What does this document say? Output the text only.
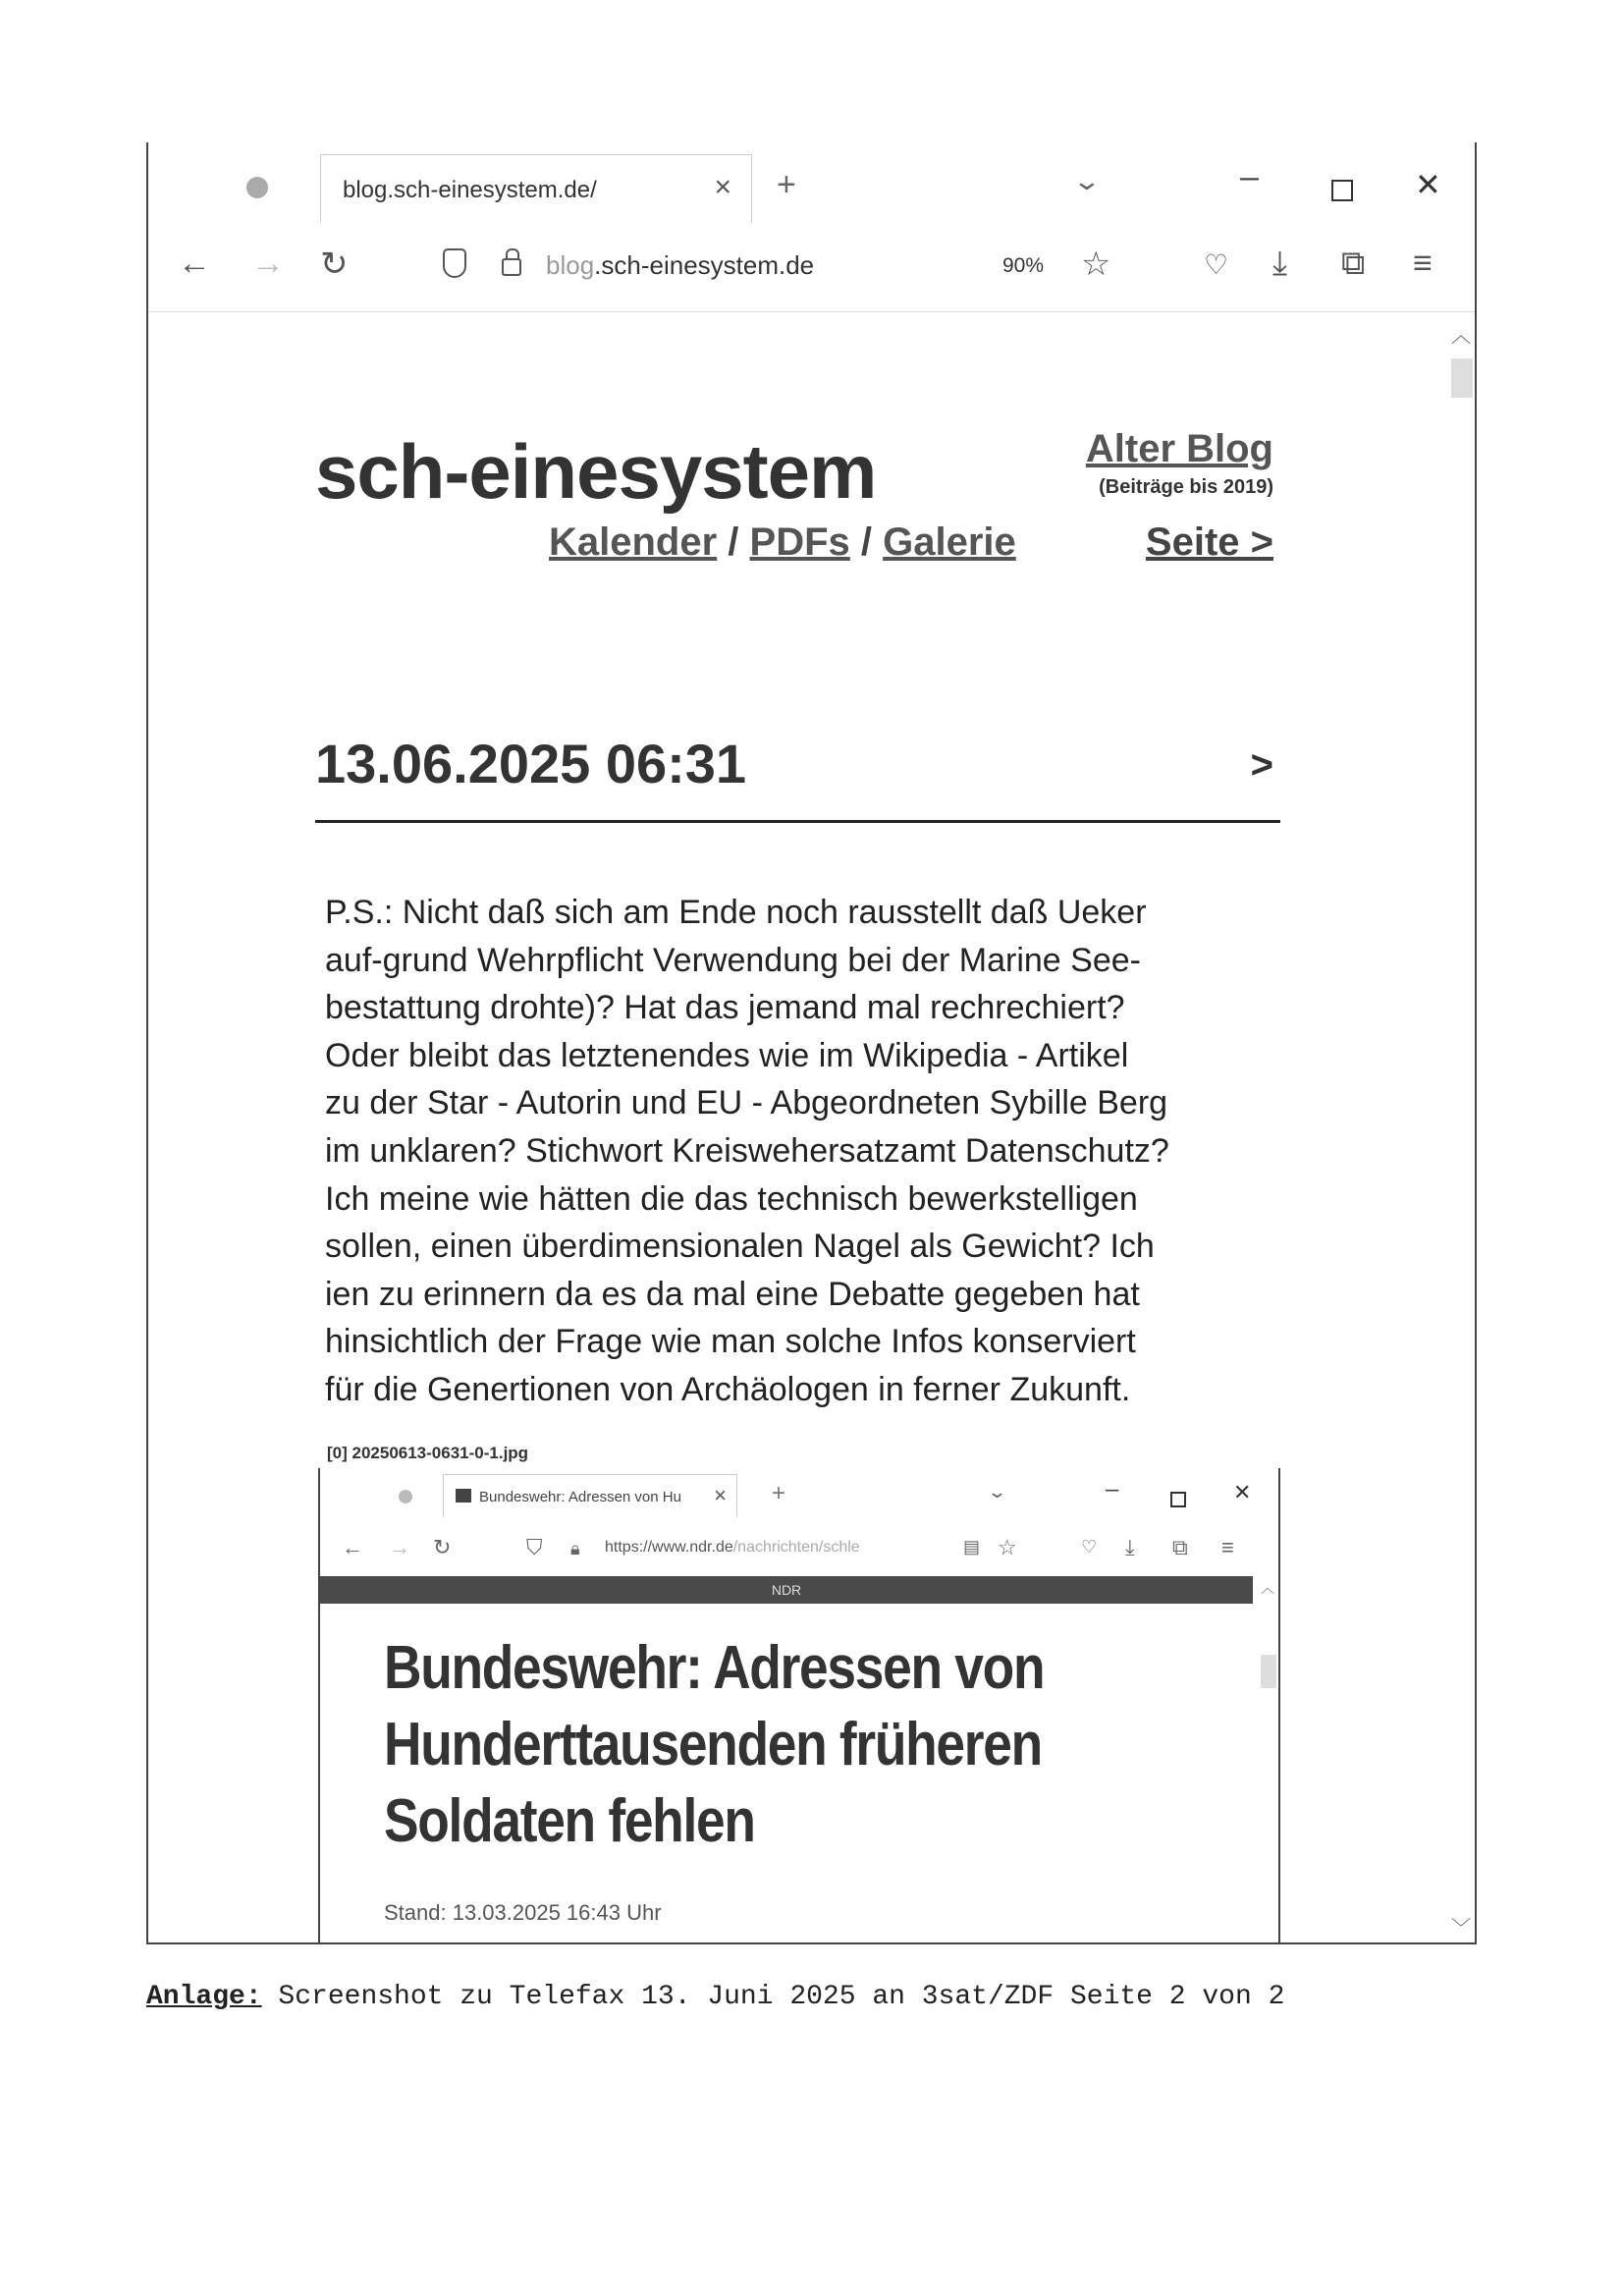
blog.sch-einesystem.de/	× +	⌄	–	✕
← → ↻	blog.sch-einesystem.de	90% ☆	♡ ⤓ ⧉ ≡
︿
﹀
sch-einesystem	Alter Blog
(Beiträge bis 2019)
Kalender / PDFs / Galerie	Seite >
13.06.2025 06:31	>
P.S.: Nicht daß sich am Ende noch rausstellt daß Ueker
auf-grund Wehrpflicht Verwendung bei der Marine See-
bestattung drohte)? Hat das jemand mal rechrechiert?
Oder bleibt das letztenendes wie im Wikipedia - Artikel
zu der Star - Autorin und EU - Abgeordneten Sybille Berg
im unklaren? Stichwort Kreiswehersatzamt Datenschutz?
Ich meine wie hätten die das technisch bewerkstelligen
sollen, einen überdimensionalen Nagel als Gewicht? Ich
ien zu erinnern da es da mal eine Debatte gegeben hat
hinsichtlich der Frage wie man solche Infos konserviert
für die Genertionen von Archäologen in ferner Zukunft.
[0] 20250613-0631-0-1.jpg
Bundeswehr: Adressen von Hu × +	⌄	–	✕
← → ↻	⛉ 🔒︎ https://www.ndr.de/nachrichten/schle	▤ ☆	♡ ⤓ ⧉ ≡
NDR	︿
Bundeswehr: Adressen von Hunderttausenden früheren Soldaten fehlen
Stand: 13.03.2025 16:43 Uhr
Anlage: Screenshot zu Telefax 13. Juni 2025 an 3sat/ZDF Seite 2 von 2
